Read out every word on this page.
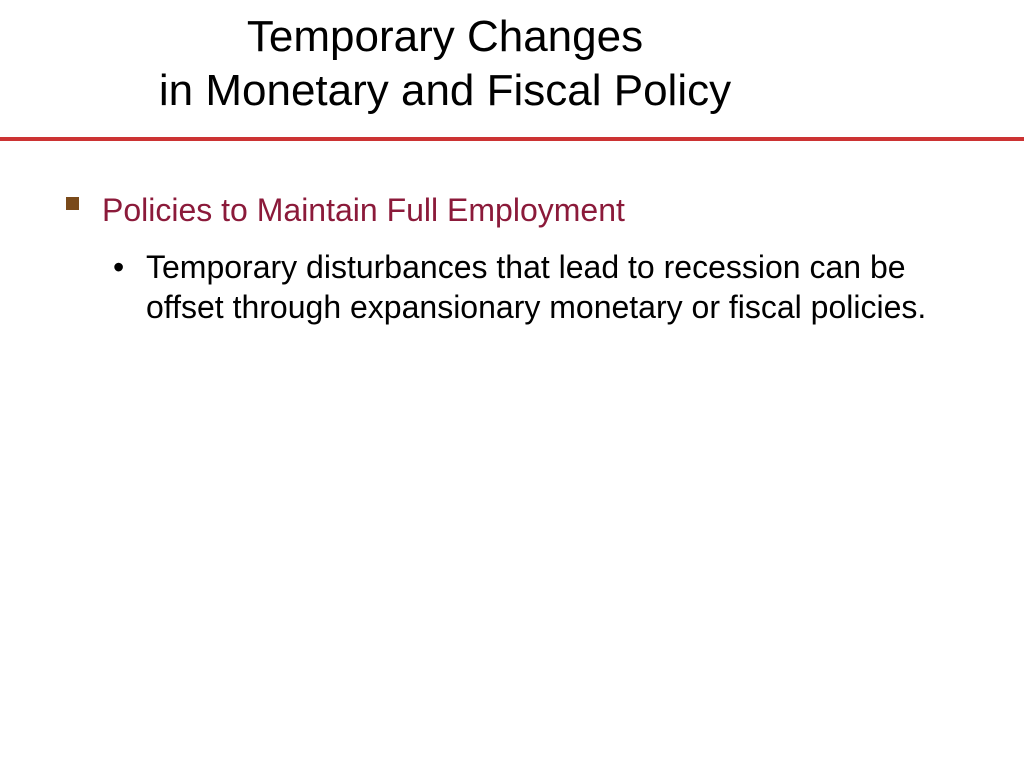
Temporary Changes
in Monetary and Fiscal Policy
Policies to Maintain Full Employment
• Temporary disturbances that lead to recession can be offset through expansionary monetary or fiscal policies.
